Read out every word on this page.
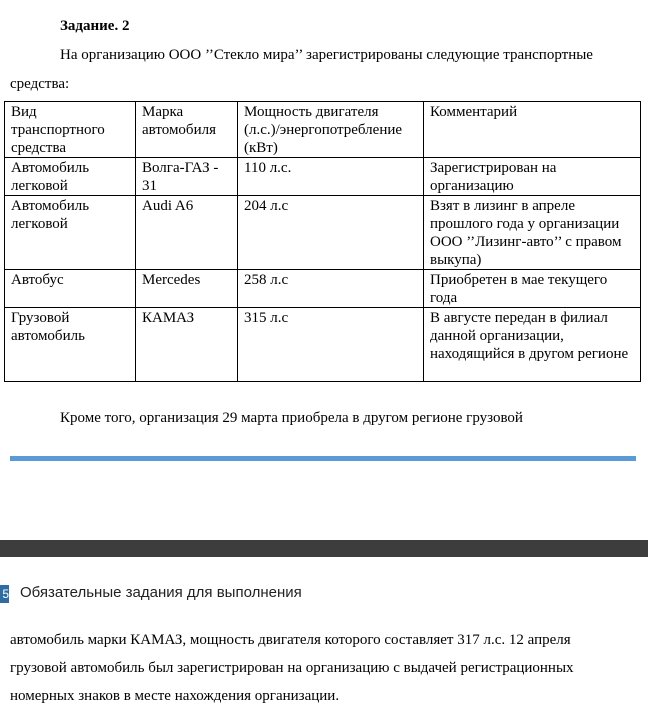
Задание. 2
На организацию ООО ’’Стекло мира’’ зарегистрированы следующие транспортные
средства:
Вид транспортного средства	Марка автомобиля	Мощность двигателя (л.с.)/энергопотребление (кВт)	Комментарий
Автомобиль легковой	Волга-ГАЗ - 31	110 л.с.	Зарегистрирован на организацию
Автомобиль легковой	Audi A6	204 л.с	Взят в лизинг в апреле прошлого года у организации ООО ’’Лизинг-авто’’ с правом выкупа)
Автобус	Mercedes	258 л.с	Приобретен в мае текущего года
Грузовой автомобиль	КАМАЗ	315 л.с	В августе передан в филиал данной организации, находящийся в другом регионе
Кроме того, организация 29 марта приобрела в другом регионе грузовой
5 Обязательные задания для выполнения
автомобиль марки КАМАЗ, мощность двигателя которого составляет 317 л.с. 12 апреля
грузовой автомобиль был зарегистрирован на организацию с выдачей регистрационных
номерных знаков в месте нахождения организации.
